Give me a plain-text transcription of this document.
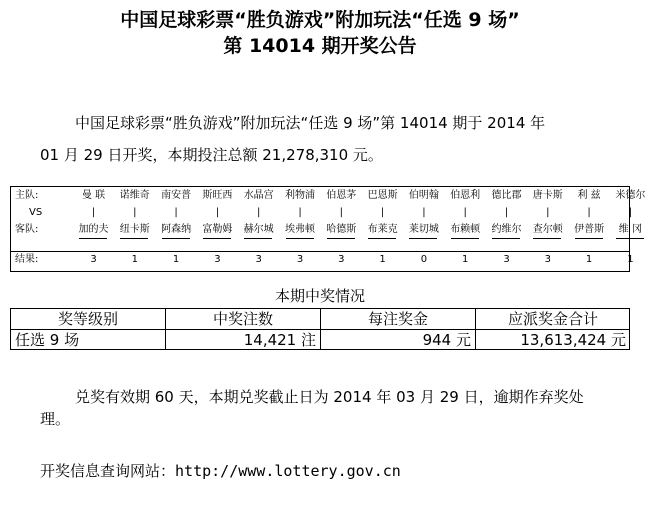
中国足球彩票“胜负游戏”附加玩法“任选 9 场”
第 14014 期开奖公告
中国足球彩票“胜负游戏”附加玩法“任选 9 场”第 14014 期于 2014 年
01 月 29 日开奖，本期投注总额 21,278,310 元。
主队:	曼 联	诺维奇	南安普	斯旺西	水晶宫	利物浦	伯恩茅	巴恩斯	伯明翰	伯恩利	德比郡	唐卡斯	利 兹	米德尔
VS	|	|	|	|	|	|	|	|	|	|	|	|	|	|
客队:	加的夫	纽卡斯	阿森纳	富勒姆	赫尔城	埃弗顿	哈德斯	布莱克	莱切城	布赖顿	约维尔	查尔顿	伊普斯	维 冈
结果:	3	1	1	3	3	3	3	1	0	1	3	3	1	1
本期中奖情况
奖等级别	中奖注数	每注奖金	应派奖金合计
任选 9 场	14,421 注	944 元	13,613,424 元
兑奖有效期 60 天，本期兑奖截止日为 2014 年 03 月 29 日，逾期作弃奖处
理。
开奖信息查询网站：http://www.lottery.gov.cn
